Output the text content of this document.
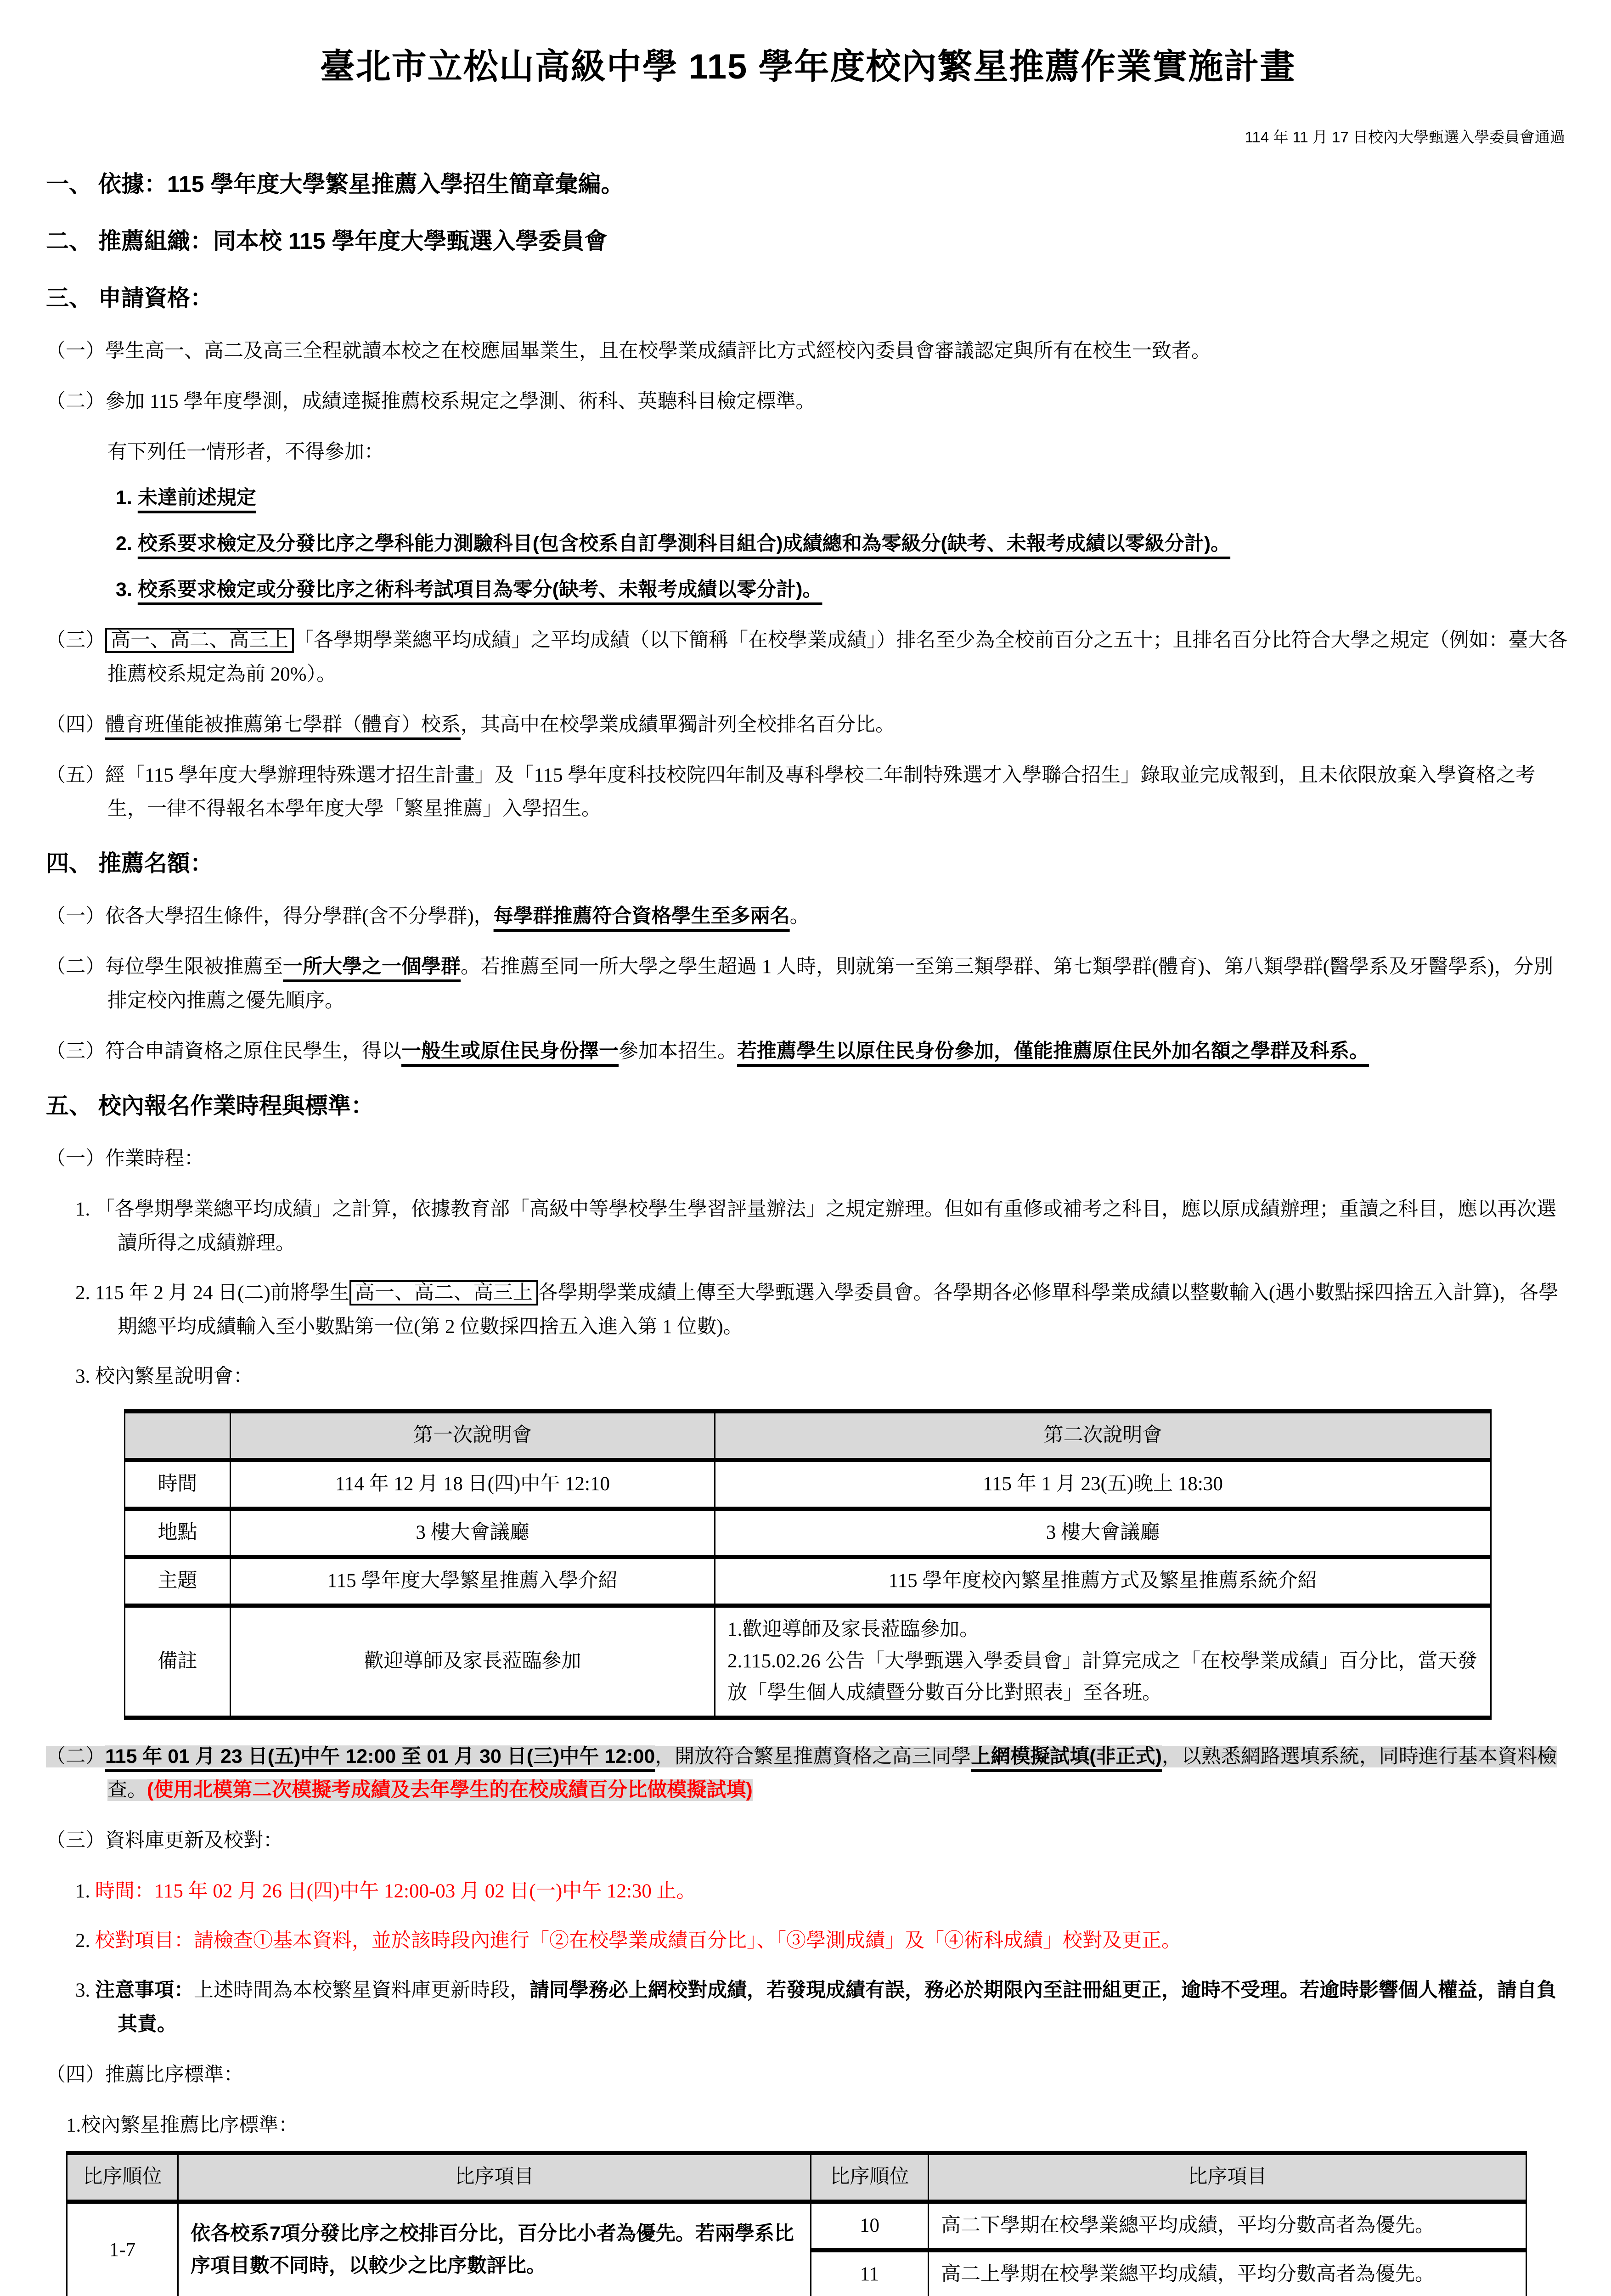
臺北市立松山高級中學 115 學年度校內繁星推薦作業實施計畫
114 年 11 月 17 日校內大學甄選入學委員會通過
一、 依據：115 學年度大學繁星推薦入學招生簡章彙編。
二、 推薦組織：同本校 115 學年度大學甄選入學委員會
三、 申請資格：
（一）學生高一、高二及高三全程就讀本校之在校應屆畢業生，且在校學業成績評比方式經校內委員會審議認定與所有在校生一致者。
（二）參加 115 學年度學測，成績達擬推薦校系規定之學測、術科、英聽科目檢定標準。
有下列任一情形者，不得參加：
1. 未達前述規定
2. 校系要求檢定及分發比序之學科能力測驗科目(包含校系自訂學測科目組合)成績總和為零級分(缺考、未報考成績以零級分計)。
3. 校系要求檢定或分發比序之術科考試項目為零分(缺考、未報考成績以零分計)。
（三） 高一、高二、高三上 「各學期學業總平均成績」之平均成績（以下簡稱「在校學業成績」）排名至少為全校前百分之五十；且排名百分比符合大學之規定（例如：臺大各推薦校系規定為前 20%）。
（四）體育班僅能被推薦第七學群（體育）校系，其高中在校學業成績單獨計列全校排名百分比。
（五）經「115 學年度大學辦理特殊選才招生計畫」及「115 學年度科技校院四年制及專科學校二年制特殊選才入學聯合招生」錄取並完成報到，且未依限放棄入學資格之考生，一律不得報名本學年度大學「繁星推薦」入學招生。
四、 推薦名額：
（一）依各大學招生條件，得分學群(含不分學群)，每學群推薦符合資格學生至多兩名。
（二）每位學生限被推薦至一所大學之一個學群。若推薦至同一所大學之學生超過 1 人時，則就第一至第三類學群、第七類學群(體育)、第八類學群(醫學系及牙醫學系)，分別排定校內推薦之優先順序。
（三）符合申請資格之原住民學生，得以一般生或原住民身份擇一參加本招生。若推薦學生以原住民身份參加，僅能推薦原住民外加名額之學群及科系。
五、 校內報名作業時程與標準：
（一）作業時程：
1. 「各學期學業總平均成績」之計算，依據教育部「高級中等學校學生學習評量辦法」之規定辦理。但如有重修或補考之科目，應以原成績辦理；重讀之科目，應以再次選讀所得之成績辦理。
2. 115 年 2 月 24 日(二)前將學生 高一、高二、高三上 各學期學業成績上傳至大學甄選入學委員會。各學期各必修單科學業成績以整數輸入(遇小數點採四捨五入計算)，各學期總平均成績輸入至小數點第一位(第 2 位數採四捨五入進入第 1 位數)。
3. 校內繁星說明會：
	第一次說明會	第二次說明會
時間	114 年 12 月 18 日(四)中午 12:10	115 年 1 月 23(五)晚上 18:30

地點	3 樓大會議廳	3 樓大會議廳

主題	115 學年度大學繁星推薦入學介紹	115 學年度校內繁星推薦方式及繁星推薦系統介紹

備註	歡迎導師及家長蒞臨參加	1.歡迎導師及家長蒞臨參加。
2.115.02.26 公告「大學甄選入學委員會」計算完成之「在校學業成績」百分比，當天發放「學生個人成績暨分數百分比對照表」至各班。
（二）115 年 01 月 23 日(五)中午 12:00 至 01 月 30 日(三)中午 12:00，開放符合繁星推薦資格之高三同學上網模擬試填(非正式)，以熟悉網路選填系統，同時進行基本資料檢查。(使用北模第二次模擬考成績及去年學生的在校成績百分比做模擬試填)
（三）資料庫更新及校對：
1. 時間：115 年 02 月 26 日(四)中午 12:00-03 月 02 日(一)中午 12:30 止。
2. 校對項目：請檢查①基本資料，並於該時段內進行「②在校學業成績百分比」、「③學測成績」及「④術科成績」校對及更正。
3. 注意事項：上述時間為本校繁星資料庫更新時段，請同學務必上網校對成績，若發現成績有誤，務必於期限內至註冊組更正，逾時不受理。若逾時影響個人權益，請自負其責。
（四）推薦比序標準：
1.校內繁星推薦比序標準：
比序順位	比序項目	比序順位	比序項目
1-7	依各校系7項分發比序之校排百分比，百分比小者為優先。若兩學系比序項目數不同時，以較少之比序數評比。	10	高二下學期在校學業總平均成績，平均分數高者為優先。
		11	高二上學期在校學業總平均成績，平均分數高者為優先。
